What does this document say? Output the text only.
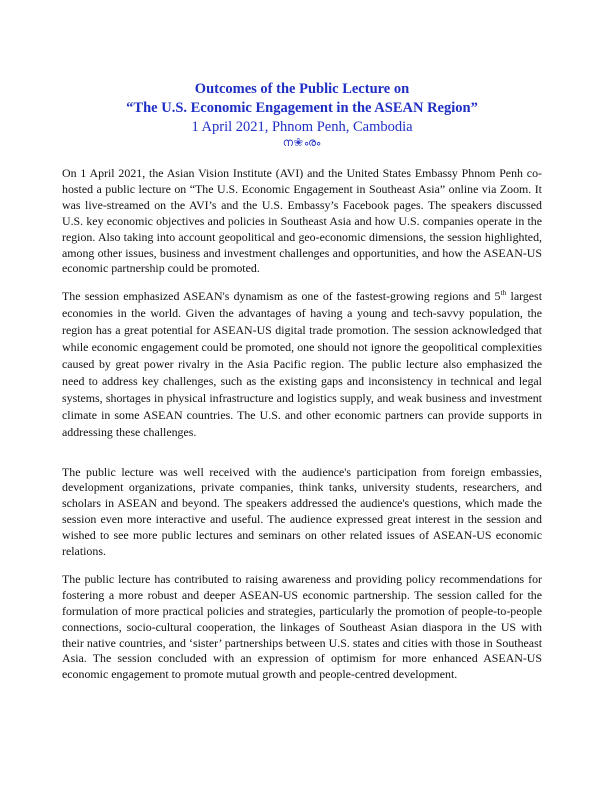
Outcomes of the Public Lecture on
“The U.S. Economic Engagement in the ASEAN Region”
1 April 2021, Phnom Penh, Cambodia
ന❀ൟ

On 1 April 2021, the Asian Vision Institute (AVI) and the United States Embassy Phnom Penh co-hosted a public lecture on “The U.S. Economic Engagement in Southeast Asia” online via Zoom. It was live-streamed on the AVI’s and the U.S. Embassy’s Facebook pages. The speakers discussed U.S. key economic objectives and policies in Southeast Asia and how U.S. companies operate in the region. Also taking into account geopolitical and geo-economic dimensions, the session highlighted, among other issues, business and investment challenges and opportunities, and how the ASEAN-US economic partnership could be promoted.

The session emphasized ASEAN's dynamism as one of the fastest-growing regions and 5th largest economies in the world. Given the advantages of having a young and tech-savvy population, the region has a great potential for ASEAN-US digital trade promotion. The session acknowledged that while economic engagement could be promoted, one should not ignore the geopolitical complexities caused by great power rivalry in the Asia Pacific region. The public lecture also emphasized the need to address key challenges, such as the existing gaps and inconsistency in technical and legal systems, shortages in physical infrastructure and logistics supply, and weak business and investment climate in some ASEAN countries. The U.S. and other economic partners can provide supports in addressing these challenges.

The public lecture was well received with the audience's participation from foreign embassies, development organizations, private companies, think tanks, university students, researchers, and scholars in ASEAN and beyond. The speakers addressed the audience's questions, which made the session even more interactive and useful. The audience expressed great interest in the session and wished to see more public lectures and seminars on other related issues of ASEAN-US economic relations.

The public lecture has contributed to raising awareness and providing policy recommendations for fostering a more robust and deeper ASEAN-US economic partnership. The session called for the formulation of more practical policies and strategies, particularly the promotion of people-to-people connections, socio-cultural cooperation, the linkages of Southeast Asian diaspora in the US with their native countries, and ‘sister’ partnerships between U.S. states and cities with those in Southeast Asia. The session concluded with an expression of optimism for more enhanced ASEAN-US economic engagement to promote mutual growth and people-centred development.
